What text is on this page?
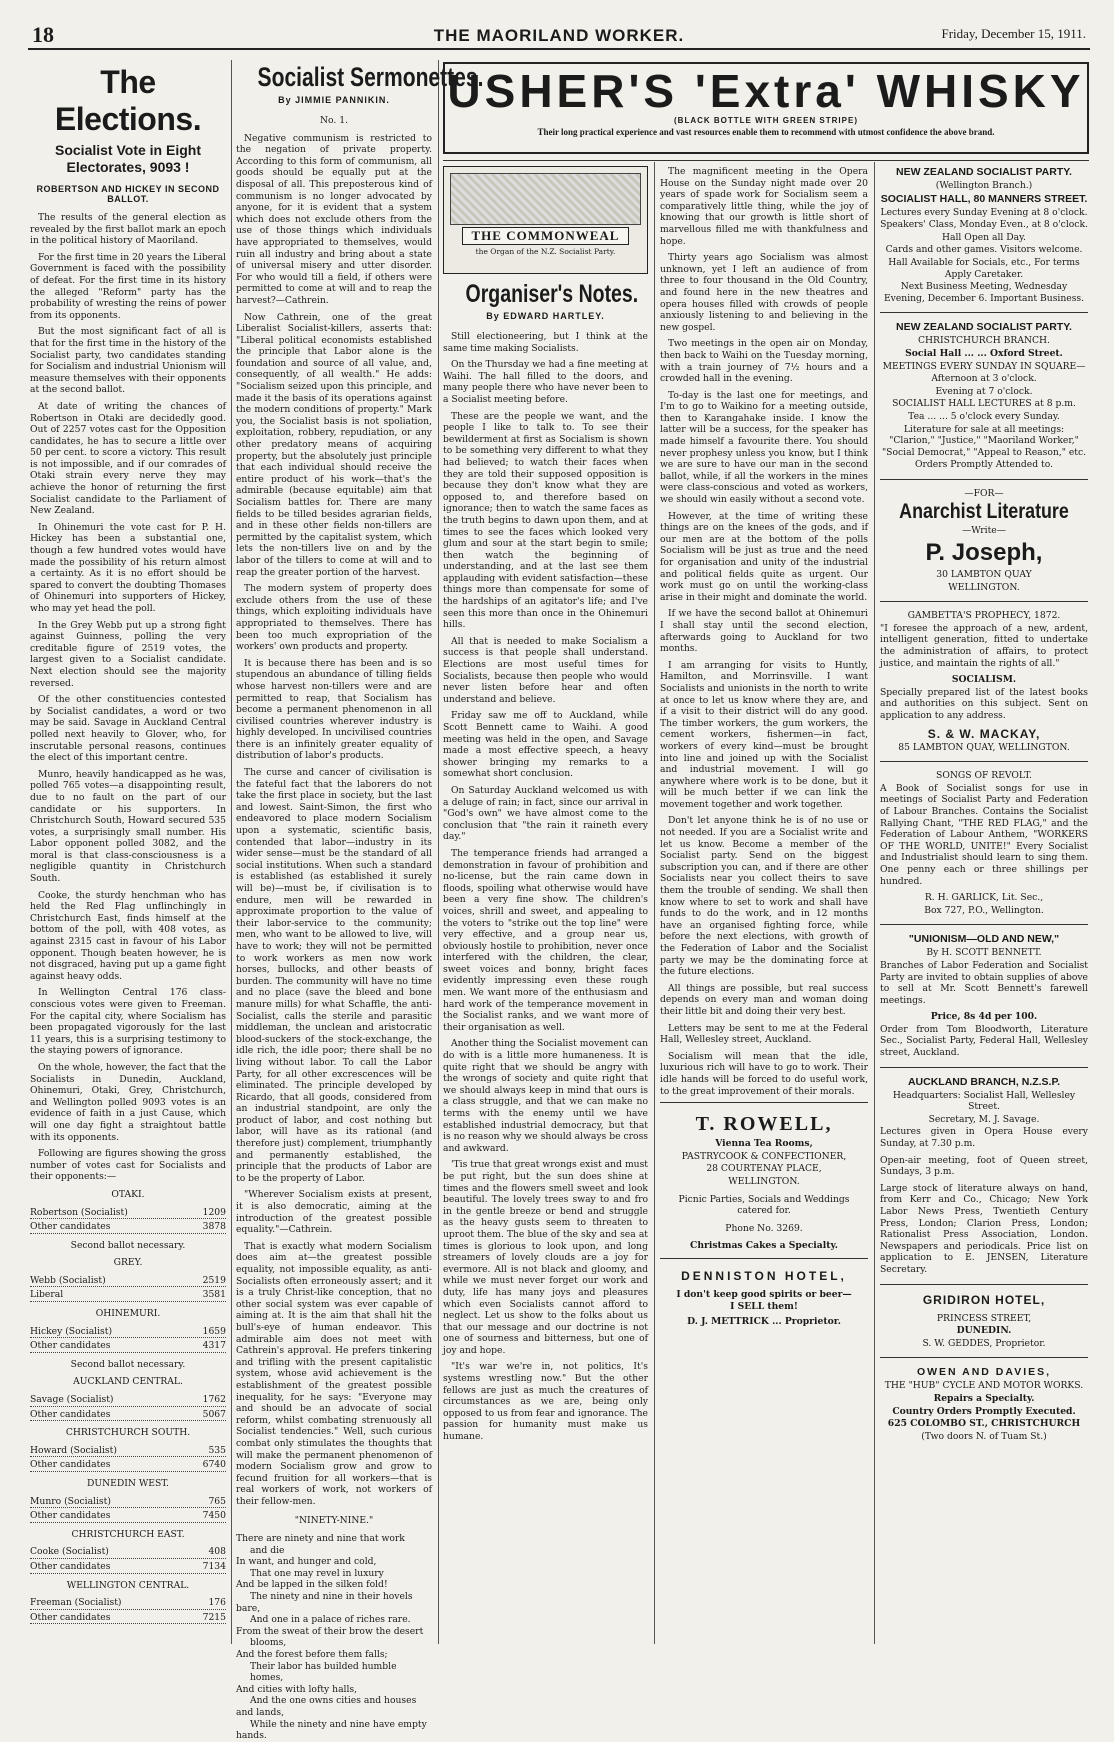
18	THE MAORILAND WORKER.	Friday, December 15, 1911.
The Elections.
Socialist Vote in Eight Electorates, 9093 !
ROBERTSON AND HICKEY IN SECOND BALLOT.

The results of the general election as revealed by the first ballot mark an epoch in the political history of Maoriland.

For the first time in 20 years the Liberal Government is faced with the possibility of defeat. For the first time in its history the alleged "Reform" party has the probability of wresting the reins of power from its opponents.

But the most significant fact of all is that for the first time in the history of the Socialist party, two candidates standing for Socialism and industrial Unionism will measure themselves with their opponents at the second ballot.

At date of writing the chances of Robertson in Otaki are decidedly good. Out of 2257 votes cast for the Opposition candidates, he has to secure a little over 50 per cent. to score a victory. This result is not impossible, and if our comrades of Otaki strain every nerve they may achieve the honor of returning the first Socialist candidate to the Parliament of New Zealand.

In Ohinemuri the vote cast for P. H. Hickey has been a substantial one, though a few hundred votes would have made the possibility of his return almost a certainty. As it is no effort should be spared to convert the doubting Thomases of Ohinemuri into supporters of Hickey, who may yet head the poll.

In the Grey Webb put up a strong fight against Guinness, polling the very creditable figure of 2519 votes, the largest given to a Socialist candidate. Next election should see the majority reversed.

Of the other constituencies contested by Socialist candidates, a word or two may be said. Savage in Auckland Central polled next heavily to Glover, who, for inscrutable personal reasons, continues the elect of this important centre.

Munro, heavily handicapped as he was, polled 765 votes—a disappointing result, due to no fault on the part of our candidate or his supporters. In Christchurch South, Howard secured 535 votes, a surprisingly small number. His Labor opponent polled 3082, and the moral is that class-consciousness is a negligible quantity in Christchurch South.

Cooke, the sturdy henchman who has held the Red Flag unflinchingly in Christchurch East, finds himself at the bottom of the poll, with 408 votes, as against 2315 cast in favour of his Labor opponent. Though beaten however, he is not disgraced, having put up a game fight against heavy odds.

In Wellington Central 176 class-conscious votes were given to Freeman. For the capital city, where Socialism has been propagated vigorously for the last 11 years, this is a surprising testimony to the staying powers of ignorance.

On the whole, however, the fact that the Socialists in Dunedin, Auckland, Ohinemuri, Otaki, Grey, Christchurch, and Wellington polled 9093 votes is an evidence of faith in a just Cause, which will one day fight a straightout battle with its opponents.

Following are figures showing the gross number of votes cast for Socialists and their opponents:—

OTAKI.
Robertson (Socialist)	1209
Other candidates	3878
Second ballot necessary.
GREY.
Webb (Socialist)	2519
Liberal	3581
OHINEMURI.
Hickey (Socialist)	1659
Other candidates	4317
Second ballot necessary.
AUCKLAND CENTRAL.
Savage (Socialist)	1762
Other candidates	5067
CHRISTCHURCH SOUTH.
Howard (Socialist)	535
Other candidates	6740
DUNEDIN WEST.
Munro (Socialist)	765
Other candidates	7450
CHRISTCHURCH EAST.
Cooke (Socialist)	408
Other candidates	7134
WELLINGTON CENTRAL.
Freeman (Socialist)	176
Other candidates	7215
Socialist Sermonettes.
By JIMMIE PANNIKIN.
No. 1.

Negative communism is restricted to the negation of private property. According to this form of communism, all goods should be equally put at the disposal of all. This preposterous kind of communism is no longer advocated by anyone, for it is evident that a system which does not exclude others from the use of those things which individuals have appropriated to themselves, would ruin all industry and bring about a state of universal misery and utter disorder. For who would till a field, if others were permitted to come at will and to reap the harvest?—Cathrein.

Now Cathrein, one of the great Liberalist Socialist-killers, asserts that: "Liberal political economists established the principle that Labor alone is the foundation and source of all value, and, consequently, of all wealth." He adds: "Socialism seized upon this principle, and made it the basis of its operations against the modern conditions of property." Mark you, the Socialist basis is not spoliation, exploitation, robbery, repudiation, or any other predatory means of acquiring property, but the absolutely just principle that each individual should receive the entire product of his work—that's the admirable (because equitable) aim that Socialism battles for. There are many fields to be tilled besides agrarian fields, and in these other fields non-tillers are permitted by the capitalist system, which lets the non-tillers live on and by the labor of the tillers to come at will and to reap the greater portion of the harvest.

The modern system of property does exclude others from the use of these things, which exploiting individuals have appropriated to themselves. There has been too much expropriation of the workers' own products and property.

It is because there has been and is so stupendous an abundance of tilling fields whose harvest non-tillers were and are permitted to reap, that Socialism has become a permanent phenomenon in all civilised countries wherever industry is highly developed. In uncivilised countries there is an infinitely greater equality of distribution of labor's products.

The curse and cancer of civilisation is the fateful fact that the laborers do not take the first place in society, but the last and lowest. Saint-Simon, the first who endeavored to place modern Socialism upon a systematic, scientific basis, contended that labor—industry in its wider sense—must be the standard of all social institutions. When such a standard is established (as established it surely will be)—must be, if civilisation is to endure, men will be rewarded in approximate proportion to the value of their labor-service to the community; men, who want to be allowed to live, will have to work; they will not be permitted to work workers as men now work horses, bullocks, and other beasts of burden. The community will have no time and no place (save the bleed and bone manure mills) for what Schaffle, the anti-Socialist, calls the sterile and parasitic middleman, the unclean and aristocratic blood-suckers of the stock-exchange, the idle rich, the idle poor; there shall be no living without labor. To call the Labor Party, for all other excrescences will be eliminated. The principle developed by Ricardo, that all goods, considered from an industrial standpoint, are only the product of labor, and cost nothing but labor, will have as its rational (and therefore just) complement, triumphantly and permanently established, the principle that the products of Labor are to be the property of Labor.

"Wherever Socialism exists at present, it is also democratic, aiming at the introduction of the greatest possible equality."—Cathrein.

That is exactly what modern Socialism does aim at—the greatest possible equality, not impossible equality, as anti-Socialists often erroneously assert; and it is a truly Christ-like conception, that no other social system was ever capable of aiming at. It is the aim that shall hit the bull's-eye of human endeavor. This admirable aim does not meet with Cathrein's approval. He prefers tinkering and trifling with the present capitalistic system, whose avid achievement is the establishment of the greatest possible inequality, for he says: "Everyone may and should be an advocate of social reform, whilst combating strenuously all Socialist tendencies." Well, such curious combat only stimulates the thoughts that will make the permanent phenomenon of modern Socialism grow and grow to fecund fruition for all workers—that is real workers of work, not workers of their fellow-men.

"NINETY-NINE."
There are ninety and nine that work
and die
In want, and hunger and cold,
That one may revel in luxury
And be lapped in the silken fold!
The ninety and nine in their hovels
bare,
And one in a palace of riches rare.
From the sweat of their brow the desert
blooms,
And the forest before them falls;
Their labor has builded humble homes,
And cities with lofty halls,
And the one owns cities and houses
and lands,
While the ninety and nine have empty
hands.
USHER'S 'Extra' WHISKY
(BLACK BOTTLE WITH GREEN STRIPE)
Their long practical experience and vast resources enable them to recommend with utmost confidence the above brand.
THE COMMONWEAL
the Organ of the N.Z. Socialist Party.
Organiser's Notes.
By EDWARD HARTLEY.

Still electioneering, but I think at the same time making Socialists.

On the Thursday we had a fine meeting at Waihi. The hall filled to the doors, and many people there who have never been to a Socialist meeting before.

These are the people we want, and the people I like to talk to. To see their bewilderment at first as Socialism is shown to be something very different to what they had believed; to watch their faces when they are told their supposed opposition is because they don't know what they are opposed to, and therefore based on ignorance; then to watch the same faces as the truth begins to dawn upon them, and at times to see the faces which looked very glum and sour at the start begin to smile; then watch the beginning of understanding, and at the last see them applauding with evident satisfaction—these things more than compensate for some of the hardships of an agitator's life; and I've seen this more than once in the Ohinemuri hills.

All that is needed to make Socialism a success is that people shall understand. Elections are most useful times for Socialists, because then people who would never listen before hear and often understand and believe.

Friday saw me off to Auckland, while Scott Bennett came to Waihi. A good meeting was held in the open, and Savage made a most effective speech, a heavy shower bringing my remarks to a somewhat short conclusion.

On Saturday Auckland welcomed us with a deluge of rain; in fact, since our arrival in "God's own" we have almost come to the conclusion that "the rain it raineth every day."

The temperance friends had arranged a demonstration in favour of prohibition and no-license, but the rain came down in floods, spoiling what otherwise would have been a very fine show. The children's voices, shrill and sweet, and appealing to the voters to "strike out the top line" were very effective, and a group near us, obviously hostile to prohibition, never once interfered with the children, the clear, sweet voices and bonny, bright faces evidently impressing even these rough men. We want more of the enthusiasm and hard work of the temperance movement in the Socialist ranks, and we want more of their organisation as well.

Another thing the Socialist movement can do with is a little more humaneness. It is quite right that we should be angry with the wrongs of society and quite right that we should always keep in mind that ours is a class struggle, and that we can make no terms with the enemy until we have established industrial democracy, but that is no reason why we should always be cross and awkward.

'Tis true that great wrongs exist and must be put right, but the sun does shine at times and the flowers smell sweet and look beautiful. The lovely trees sway to and fro in the gentle breeze or bend and struggle as the heavy gusts seem to threaten to uproot them. The blue of the sky and sea at times is glorious to look upon, and long streamers of lovely clouds are a joy for evermore. All is not black and gloomy, and while we must never forget our work and duty, life has many joys and pleasures which even Socialists cannot afford to neglect. Let us show to the folks about us that our message and our doctrine is not one of sourness and bitterness, but one of joy and hope.

"It's war we're in, not politics, It's systems wrestling now." But the other fellows are just as much the creatures of circumstances as we are, being only opposed to us from fear and ignorance. The passion for humanity must make us humane.

The magnificent meeting in the Opera House on the Sunday night made over 20 years of spade work for Socialism seem a comparatively little thing, while the joy of knowing that our growth is little short of marvellous filled me with thankfulness and hope.

Thirty years ago Socialism was almost unknown, yet I left an audience of from three to four thousand in the Old Country, and found here in the new theatres and opera houses filled with crowds of people anxiously listening to and believing in the new gospel.

Two meetings in the open air on Monday, then back to Waihi on the Tuesday morning, with a train journey of 7½ hours and a crowded hall in the evening.

To-day is the last one for meetings, and I'm to go to Waikino for a meeting outside, then to Karangahake inside. I know the latter will be a success, for the speaker has made himself a favourite there. You should never prophesy unless you know, but I think we are sure to have our man in the second ballot, while, if all the workers in the mines were class-conscious and voted as workers, we should win easily without a second vote.

However, at the time of writing these things are on the knees of the gods, and if our men are at the bottom of the polls Socialism will be just as true and the need for organisation and unity of the industrial and political fields quite as urgent. Our work must go on until the working-class arise in their might and dominate the world.

If we have the second ballot at Ohinemuri I shall stay until the second election, afterwards going to Auckland for two months.

I am arranging for visits to Huntly, Hamilton, and Morrinsville. I want Socialists and unionists in the north to write at once to let us know where they are, and if a visit to their district will do any good. The timber workers, the gum workers, the cement workers, fishermen—in fact, workers of every kind—must be brought into line and joined up with the Socialist and industrial movement. I will go anywhere where work is to be done, but it will be much better if we can link the movement together and work together.

Don't let anyone think he is of no use or not needed. If you are a Socialist write and let us know. Become a member of the Socialist party. Send on the biggest subscription you can, and if there are other Socialists near you collect theirs to save them the trouble of sending. We shall then know where to set to work and shall have funds to do the work, and in 12 months have an organised fighting force, while before the next elections, with growth of the Federation of Labor and the Socialist party we may be the dominating force at the future elections.

All things are possible, but real success depends on every man and woman doing their little bit and doing their very best.

Letters may be sent to me at the Federal Hall, Wellesley street, Auckland.

Socialism will mean that the idle, luxurious rich will have to go to work. Their idle hands will be forced to do useful work, to the great improvement of their morals.

T. ROWELL,
Vienna Tea Rooms,
PASTRYCOOK & CONFECTIONER,
28 COURTENAY PLACE,
WELLINGTON.
Picnic Parties, Socials and Weddings catered for.
Phone No. 3269.
Christmas Cakes a Specialty.
DENNISTON HOTEL,
I don't keep good spirits or beer—
I SELL them!
D. J. METTRICK ... Proprietor.
NEW ZEALAND SOCIALIST PARTY.
(Wellington Branch.)
SOCIALIST HALL, 80 MANNERS STREET.
Lectures every Sunday Evening at 8 o'clock.
Speakers' Class, Monday Even., at 8 o'clock.
Hall Open all Day.
Cards and other games. Visitors welcome.
Hall Available for Socials, etc., For terms Apply Caretaker.
Next Business Meeting, Wednesday Evening, December 6. Important Business.
NEW ZEALAND SOCIALIST PARTY.
CHRISTCHURCH BRANCH.
Social Hall ... ... Oxford Street.
MEETINGS EVERY SUNDAY IN SQUARE—
Afternoon at 3 o'clock.
Evening at 7 o'clock.
SOCIALIST HALL LECTURES at 8 p.m.
Tea ... ... 5 o'clock every Sunday.
Literature for sale at all meetings: "Clarion," "Justice," "Maoriland Worker," "Social Democrat," "Appeal to Reason," etc.
Orders Promptly Attended to.
—FOR—
Anarchist Literature
—Write—
P. Joseph,
30 LAMBTON QUAY
WELLINGTON.
GAMBETTA'S PROPHECY, 1872.

"I foresee the approach of a new, ardent, intelligent generation, fitted to undertake the administration of affairs, to protect justice, and maintain the rights of all."

SOCIALISM.

Specially prepared list of the latest books and authorities on this subject. Sent on application to any address.

S. & W. MACKAY,
85 LAMBTON QUAY, WELLINGTON.
SONGS OF REVOLT.

A Book of Socialist songs for use in meetings of Socialist Party and Federation of Labour Branches. Contains the Socialist Rallying Chant, "THE RED FLAG," and the Federation of Labour Anthem, "WORKERS OF THE WORLD, UNITE!" Every Socialist and Industrialist should learn to sing them. One penny each or three shillings per hundred.

R. H. GARLICK, Lit. Sec.,
Box 727, P.O., Wellington.
"UNIONISM—OLD AND NEW,"
By H. SCOTT BENNETT.

Branches of Labor Federation and Socialist Party are invited to obtain supplies of above to sell at Mr. Scott Bennett's farewell meetings.

Price, 8s 4d per 100.

Order from Tom Bloodworth, Literature Sec., Socialist Party, Federal Hall, Wellesley street, Auckland.

AUCKLAND BRANCH, N.Z.S.P.
Headquarters: Socialist Hall, Wellesley Street.
Secretary, M. J. Savage.

Lectures given in Opera House every Sunday, at 7.30 p.m.

Open-air meeting, foot of Queen street, Sundays, 3 p.m.

Large stock of literature always on hand, from Kerr and Co., Chicago; New York Labor News Press, Twentieth Century Press, London; Clarion Press, London; Rationalist Press Association, London. Newspapers and periodicals. Price list on application to E. JENSEN, Literature Secretary.

GRIDIRON HOTEL,
PRINCESS STREET,
DUNEDIN.
S. W. GEDDES, Proprietor.
OWEN AND DAVIES,
THE "HUB" CYCLE AND MOTOR WORKS.
Repairs a Specialty.
Country Orders Promptly Executed.
625 COLOMBO ST., CHRISTCHURCH
(Two doors N. of Tuam St.)
